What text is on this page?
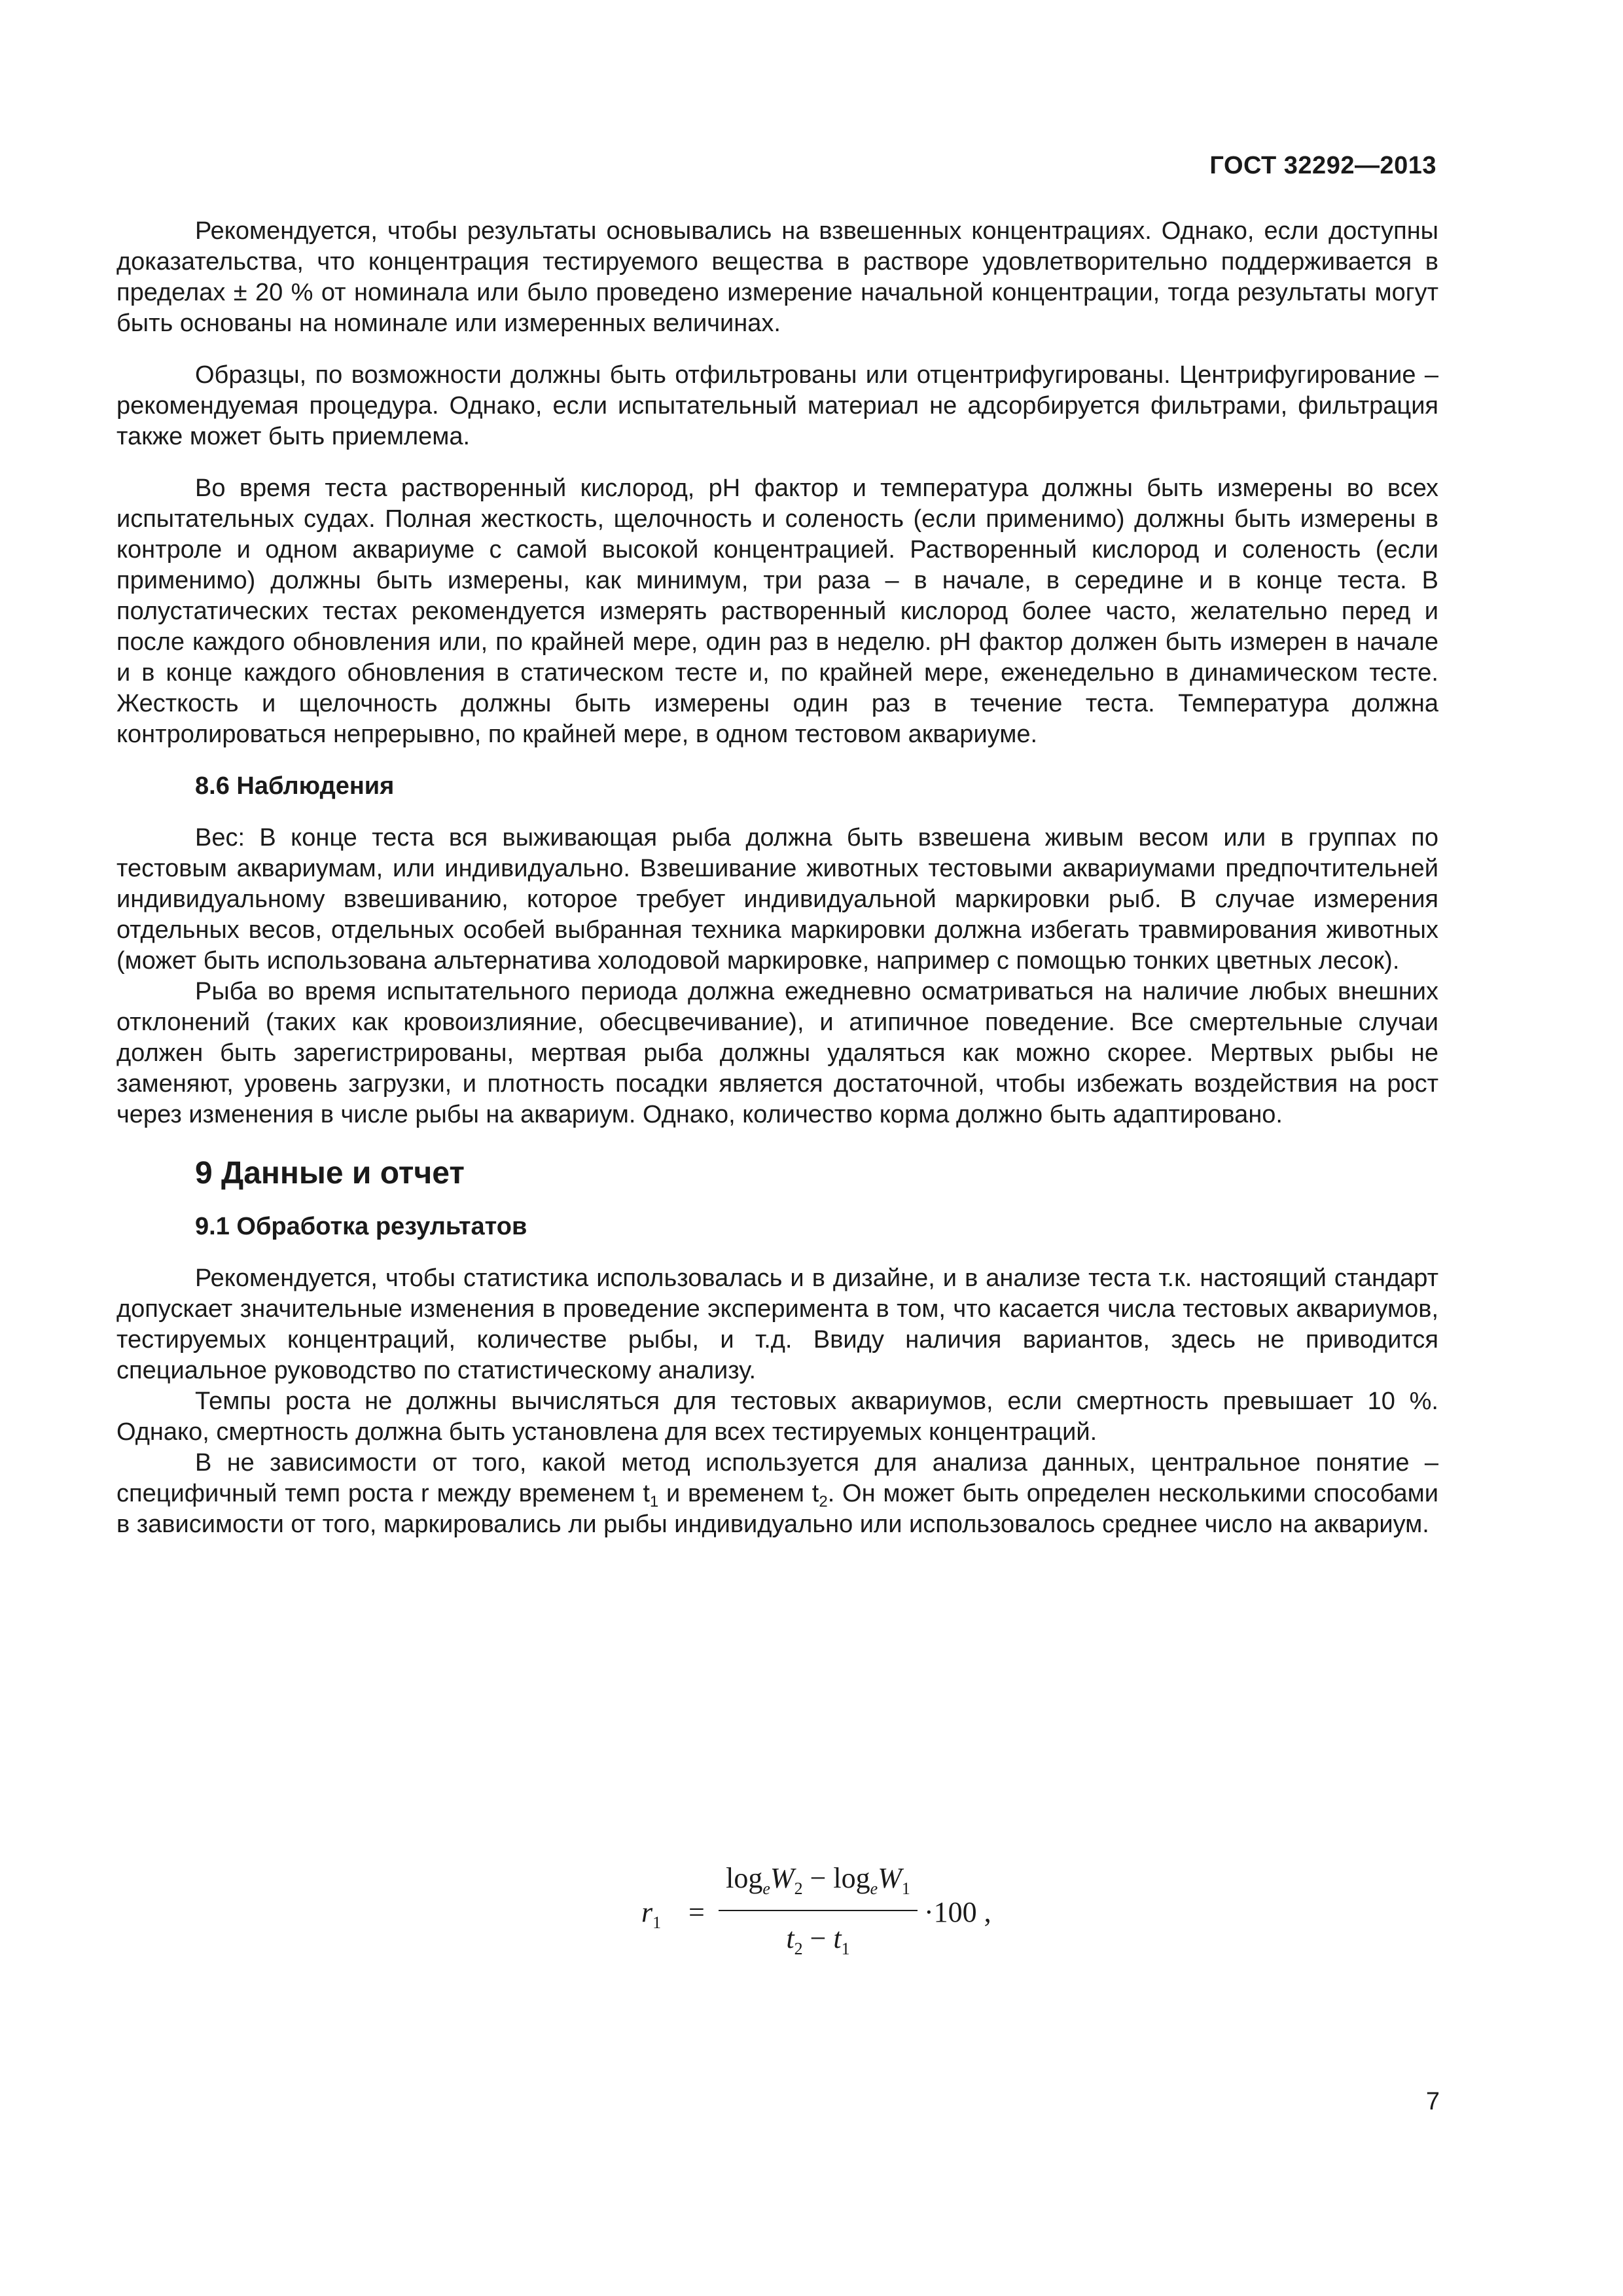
ГОСТ 32292—2013

Рекомендуется, чтобы результаты основывались на взвешенных концентрациях. Однако, если доступны доказательства, что концентрация тестируемого вещества в растворе удовлетворительно поддерживается в пределах ± 20 % от номинала или было проведено измерение начальной концентрации, тогда результаты могут быть основаны на номинале или измеренных величинах.

Образцы, по возможности должны быть отфильтрованы или отцентрифугированы. Центрифугирование – рекомендуемая процедура. Однако, если испытательный материал не адсорбируется фильтрами, фильтрация также может быть приемлема.

Во время теста растворенный кислород, pH фактор и температура должны быть измерены во всех испытательных судах. Полная жесткость, щелочность и соленость (если применимо) должны быть измерены в контроле и одном аквариуме с самой высокой концентрацией. Растворенный кислород и соленость (если применимо) должны быть измерены, как минимум, три раза – в начале, в середине и в конце теста. В полустатических тестах рекомендуется измерять растворенный кислород более часто, желательно перед и после каждого обновления или, по крайней мере, один раз в неделю. pH фактор должен быть измерен в начале и в конце каждого обновления в статическом тесте и, по крайней мере, еженедельно в динамическом тесте. Жесткость и щелочность должны быть измерены один раз в течение теста. Температура должна контролироваться непрерывно, по крайней мере, в одном тестовом аквариуме.

8.6 Наблюдения

Вес: В конце теста вся выживающая рыба должна быть взвешена живым весом или в группах по тестовым аквариумам, или индивидуально. Взвешивание животных тестовыми аквариумами предпочтительней индивидуальному взвешиванию, которое требует индивидуальной маркировки рыб. В случае измерения отдельных весов, отдельных особей выбранная техника маркировки должна избегать травмирования животных (может быть использована альтернатива холодовой маркировке, например с помощью тонких цветных лесок).

Рыба во время испытательного периода должна ежедневно осматриваться на наличие любых внешних отклонений (таких как кровоизлияние, обесцвечивание), и атипичное поведение. Все смертельные случаи должен быть зарегистрированы, мертвая рыба должны удаляться как можно скорее. Мертвых рыбы не заменяют, уровень загрузки, и плотность посадки является достаточной, чтобы избежать воздействия на рост через изменения в числе рыбы на аквариум. Однако, количество корма должно быть адаптировано.

9 Данные и отчет
9.1 Обработка результатов

Рекомендуется, чтобы статистика использовалась и в дизайне, и в анализе теста т.к. настоящий стандарт допускает значительные изменения в проведение эксперимента в том, что касается числа тестовых аквариумов, тестируемых концентраций, количестве рыбы, и т.д. Ввиду наличия вариантов, здесь не приводится специальное руководство по статистическому анализу.

Темпы роста не должны вычисляться для тестовых аквариумов, если смертность превышает 10 %. Однако, смертность должна быть установлена для всех тестируемых концентраций.

В не зависимости от того, какой метод используется для анализа данных, центральное понятие – специфичный темп роста r между временем $t_1$ и временем $t_2$. Он может быть определен несколькими способами в зависимости от того, маркировались ли рыбы индивидуально или использовалось среднее число на аквариум.

$r_1$ =
$\log_eW_2 - \log_eW_1$
$t_2 - t_1$
·100 ,
7
